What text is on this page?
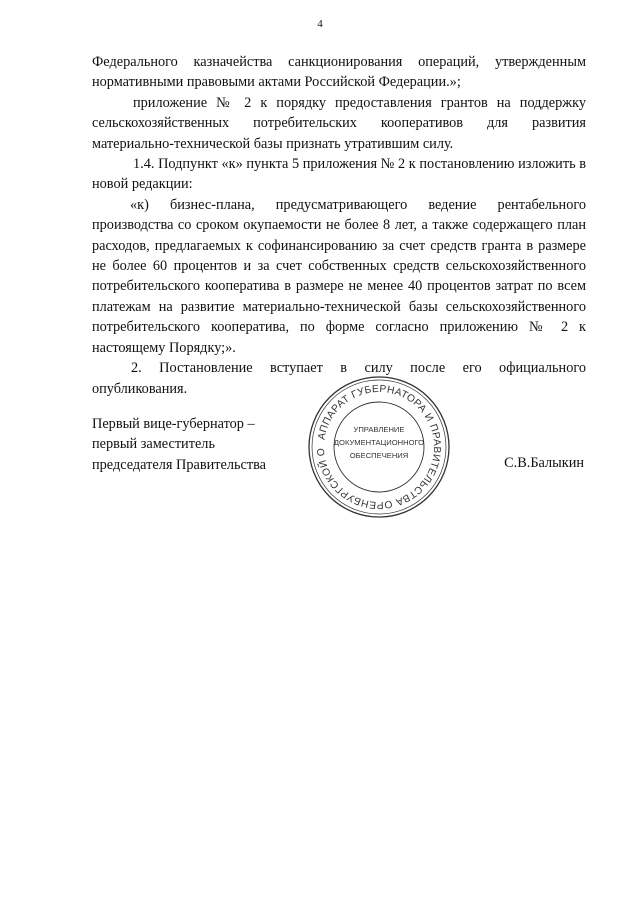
4

Федерального казначейства санкционирования операций, утвержденным нормативными правовыми актами Российской Федерации.»;

приложение № 2 к порядку предоставления грантов на поддержку сельскохозяйственных потребительских кооперативов для развития материально-технической базы признать утратившим силу.

1.4. Подпункт «к» пункта 5 приложения № 2 к постановлению изложить в новой редакции:

«к) бизнес-плана, предусматривающего ведение рентабельного производства со сроком окупаемости не более 8 лет, а также содержащего план расходов, предлагаемых к софинансированию за счет средств гранта в размере не более 60 процентов и за счет собственных средств сельскохозяйственного потребительского кооператива в размере не менее 40 процентов затрат по всем платежам на развитие материально-технической базы сельскохозяйственного потребительского кооператива, по форме согласно приложению № 2 к настоящему Порядку;».

2. Постановление вступает в силу после его официального опубликования.

Первый вице-губернатор –
первый заместитель
председателя Правительства
АППАРАТ ГУБЕРНАТОРА И ПРАВИТЕЛЬСТВА ОРЕНБУРГСКОЙ О
УПРАВЛЕНИЕ
ДОКУМЕНТАЦИОННОГО
ОБЕСПЕЧЕНИЯ	С.В.Балыкин
